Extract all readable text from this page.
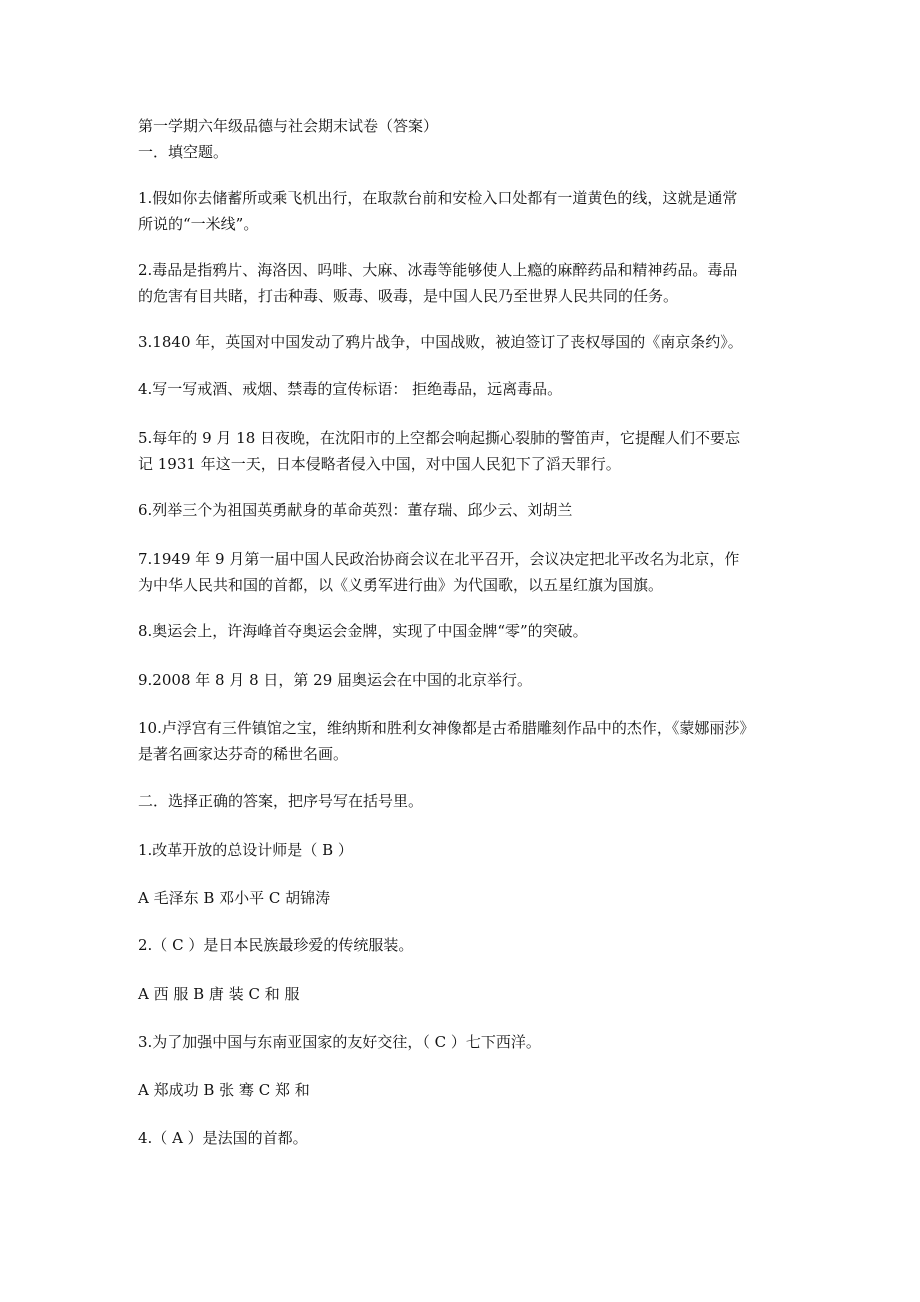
第一学期六年级品德与社会期末试卷（答案）
一．填空题。
1.假如你去储蓄所或乘飞机出行，在取款台前和安检入口处都有一道黄色的线，这就是通常
所说的“一米线”。
2.毒品是指鸦片、海洛因、吗啡、大麻、冰毒等能够使人上瘾的麻醉药品和精神药品。毒品
的危害有目共睹，打击种毒、贩毒、吸毒，是中国人民乃至世界人民共同的任务。
3.1840 年，英国对中国发动了鸦片战争，中国战败，被迫签订了丧权辱国的《南京条约》。
4.写一写戒酒、戒烟、禁毒的宣传标语： 拒绝毒品，远离毒品。
5.每年的 9 月 18 日夜晚，在沈阳市的上空都会响起撕心裂肺的警笛声，它提醒人们不要忘
记 1931 年这一天，日本侵略者侵入中国，对中国人民犯下了滔天罪行。
6.列举三个为祖国英勇献身的革命英烈：董存瑞、邱少云、刘胡兰
7.1949 年 9 月第一届中国人民政治协商会议在北平召开，会议决定把北平改名为北京，作
为中华人民共和国的首都，以《义勇军进行曲》为代国歌，以五星红旗为国旗。
8.奥运会上，许海峰首夺奥运会金牌，实现了中国金牌“零”的突破。
9.2008 年 8 月 8 日，第 29 届奥运会在中国的北京举行。
10.卢浮宫有三件镇馆之宝，维纳斯和胜利女神像都是古希腊雕刻作品中的杰作，《蒙娜丽莎》
是著名画家达芬奇的稀世名画。
二．选择正确的答案，把序号写在括号里。
1.改革开放的总设计师是（ B ）
A 毛泽东 B 邓小平 C 胡锦涛
2.（ C ）是日本民族最珍爱的传统服装。
A 西 服 B 唐 装 C 和 服
3.为了加强中国与东南亚国家的友好交往，（ C ）七下西洋。
A 郑成功 B 张 骞 C 郑 和
4.（ A ）是法国的首都。
